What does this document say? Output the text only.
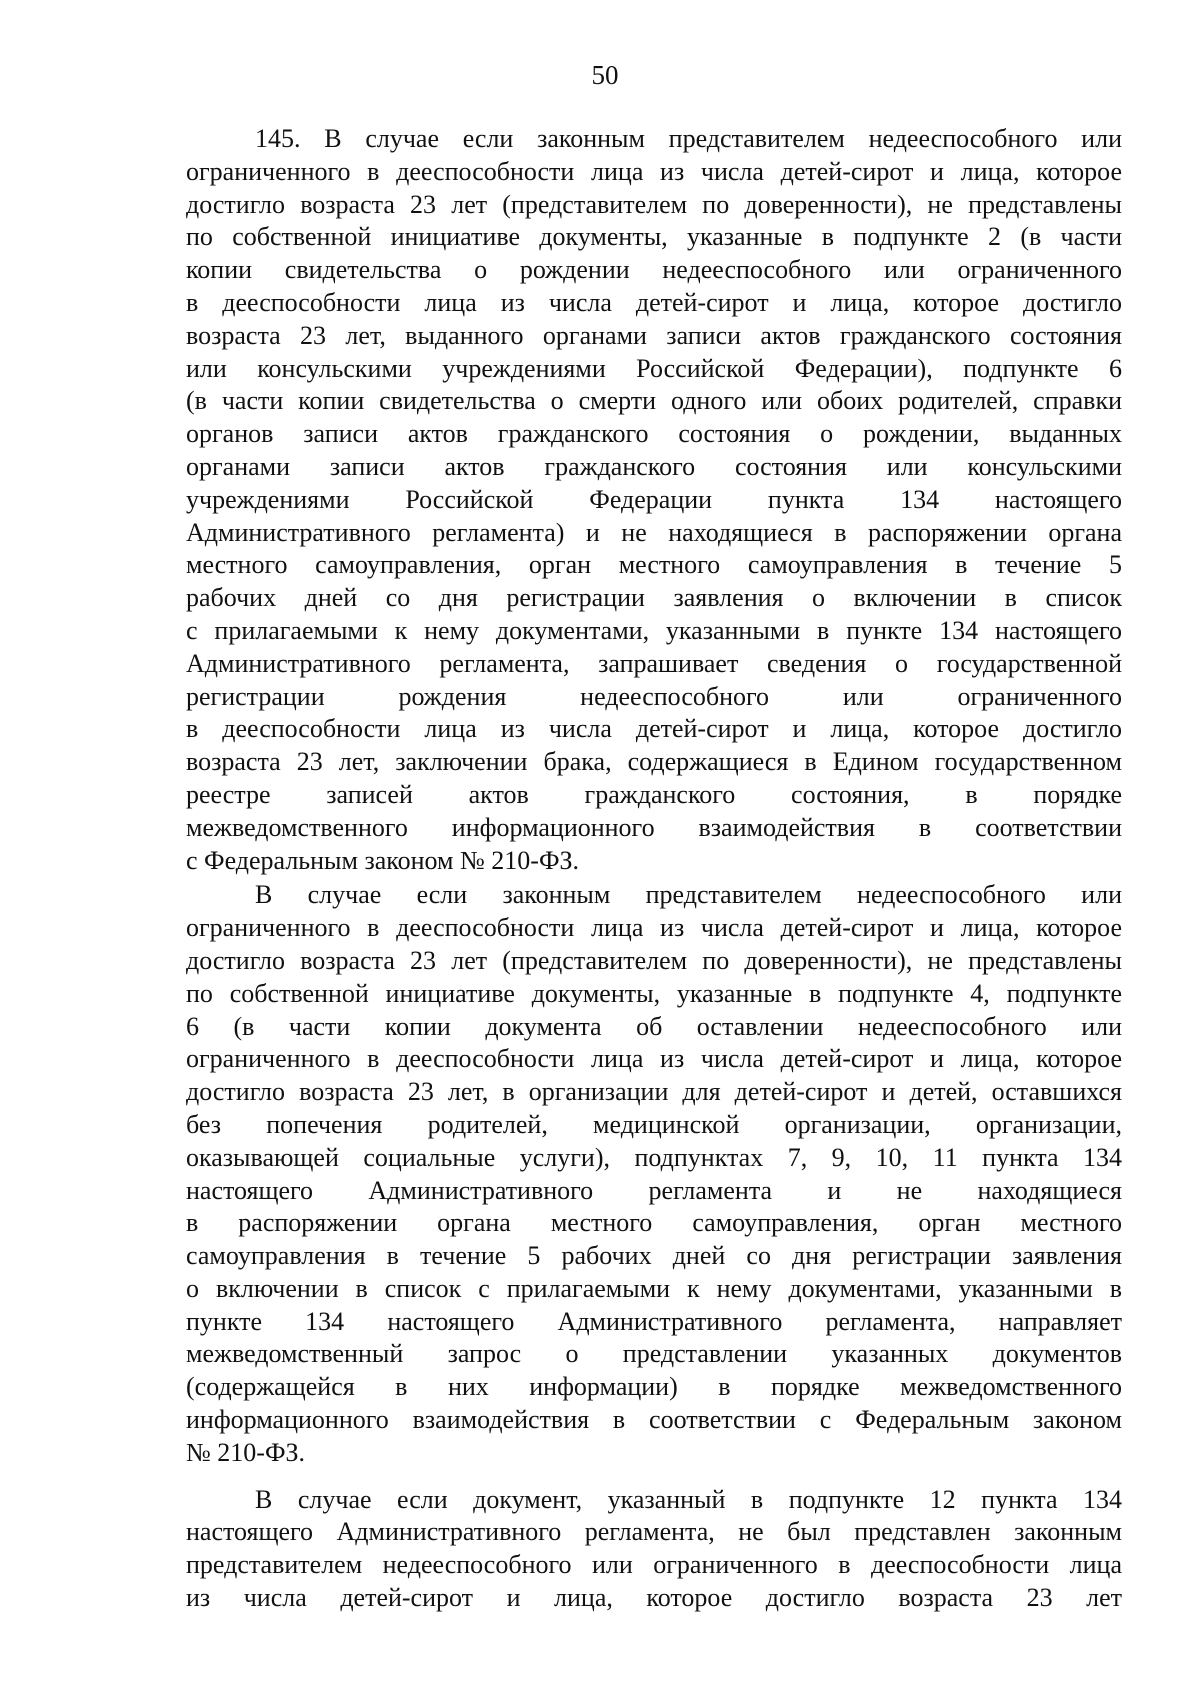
50
145. В случае если законным представителем недееспособного или
ограниченного в дееспособности лица из числа детей-сирот и лица, которое
достигло возраста 23 лет (представителем по доверенности), не представлены
по собственной инициативе документы, указанные в подпункте 2 (в части
копии свидетельства о рождении недееспособного или ограниченного
в дееспособности лица из числа детей-сирот и лица, которое достигло
возраста 23 лет, выданного органами записи актов гражданского состояния
или консульскими учреждениями Российской Федерации), подпункте 6
(в части копии свидетельства о смерти одного или обоих родителей, справки
органов записи актов гражданского состояния о рождении, выданных
органами записи актов гражданского состояния или консульскими
учреждениями Российской Федерации пункта 134 настоящего
Административного регламента) и не находящиеся в распоряжении органа
местного самоуправления, орган местного самоуправления в течение 5
рабочих дней со дня регистрации заявления о включении в список
с прилагаемыми к нему документами, указанными в пункте 134 настоящего
Административного регламента, запрашивает сведения о государственной
регистрации рождения недееспособного или ограниченного
в дееспособности лица из числа детей-сирот и лица, которое достигло
возраста 23 лет, заключении брака, содержащиеся в Едином государственном
реестре записей актов гражданского состояния, в порядке
межведомственного информационного взаимодействия в соответствии
с Федеральным законом № 210-ФЗ.
В случае если законным представителем недееспособного или
ограниченного в дееспособности лица из числа детей-сирот и лица, которое
достигло возраста 23 лет (представителем по доверенности), не представлены
по собственной инициативе документы, указанные в подпункте 4, подпункте
6 (в части копии документа об оставлении недееспособного или
ограниченного в дееспособности лица из числа детей-сирот и лица, которое
достигло возраста 23 лет, в организации для детей-сирот и детей, оставшихся
без попечения родителей, медицинской организации, организации,
оказывающей социальные услуги), подпунктах 7, 9, 10, 11 пункта 134
настоящего Административного регламента и не находящиеся
в распоряжении органа местного самоуправления, орган местного
самоуправления в течение 5 рабочих дней со дня регистрации заявления
о включении в список с прилагаемыми к нему документами, указанными в
пункте 134 настоящего Административного регламента, направляет
межведомственный запрос о представлении указанных документов
(содержащейся в них информации) в порядке межведомственного
информационного взаимодействия в соответствии с Федеральным законом
№ 210-ФЗ.
В случае если документ, указанный в подпункте 12 пункта 134
настоящего Административного регламента, не был представлен законным
представителем недееспособного или ограниченного в дееспособности лица
из числа детей-сирот и лица, которое достигло возраста 23 лет
